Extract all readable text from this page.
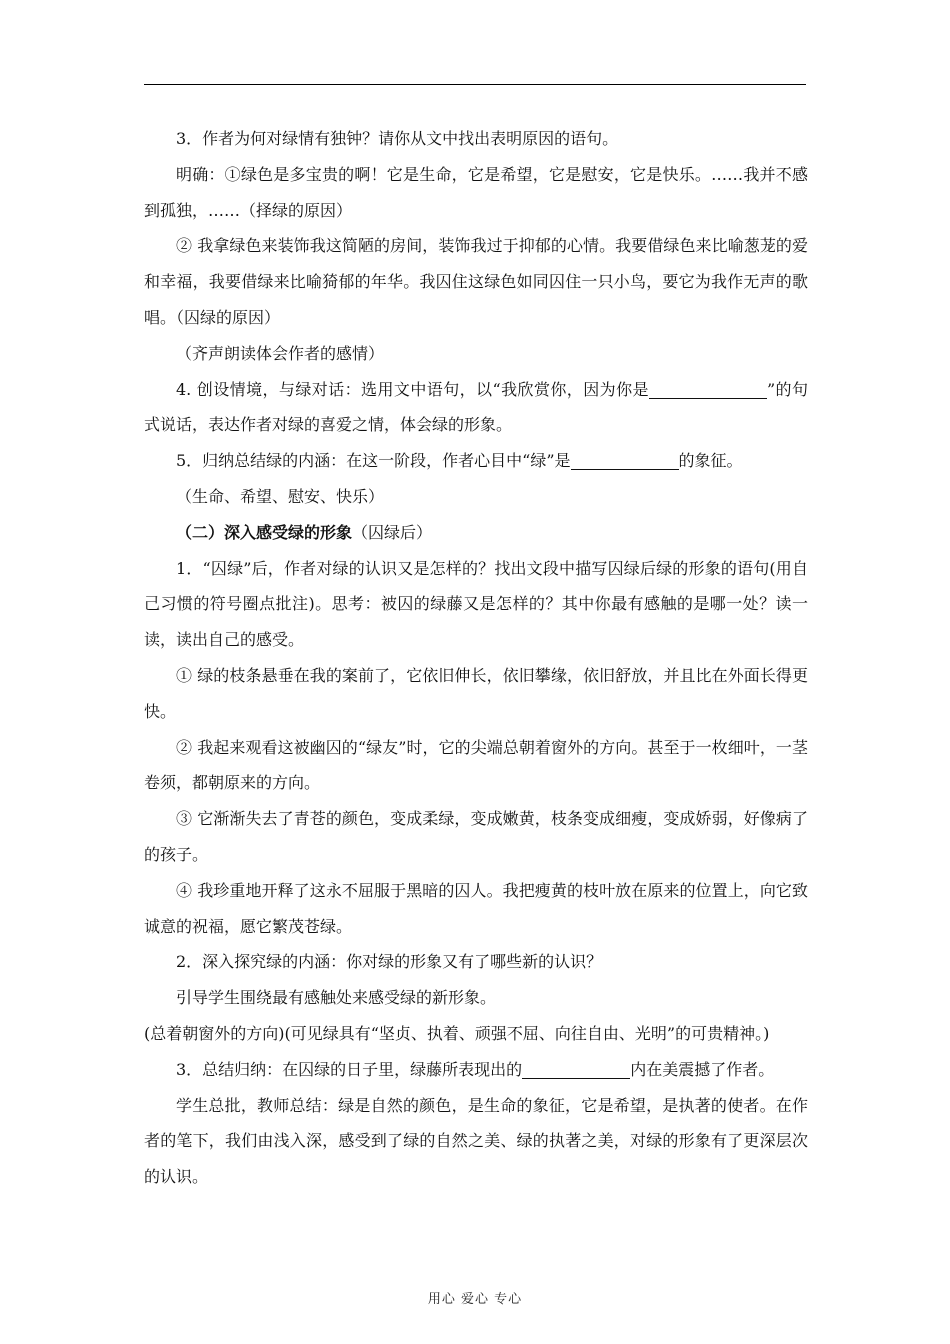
3．作者为何对绿情有独钟？请你从文中找出表明原因的语句。

明确：①绿色是多宝贵的啊！它是生命，它是希望，它是慰安，它是快乐。……我并不感到孤独，……（择绿的原因）

② 我拿绿色来装饰我这简陋的房间，装饰我过于抑郁的心情。我要借绿色来比喻葱茏的爱和幸福，我要借绿来比喻猗郁的年华。我囚住这绿色如同囚住一只小鸟，要它为我作无声的歌唱。（囚绿的原因）

（齐声朗读体会作者的感情）

4. 创设情境，与绿对话：选用文中语句，以“我欣赏你，因为你是	”的句式说话，表达作者对绿的喜爱之情，体会绿的形象。

5．归纳总结绿的内涵：在这一阶段，作者心目中“绿”是	的象征。

（生命、希望、慰安、快乐）

（二）深入感受绿的形象（囚绿后）

1．“囚绿”后，作者对绿的认识又是怎样的？找出文段中描写囚绿后绿的形象的语句(用自己习惯的符号圈点批注)。思考：被囚的绿藤又是怎样的？其中你最有感触的是哪一处？读一读，读出自己的感受。

① 绿的枝条悬垂在我的案前了，它依旧伸长，依旧攀缘，依旧舒放，并且比在外面长得更快。

② 我起来观看这被幽囚的“绿友”时，它的尖端总朝着窗外的方向。甚至于一枚细叶，一茎卷须，都朝原来的方向。

③ 它渐渐失去了青苍的颜色，变成柔绿，变成嫩黄，枝条变成细瘦，变成娇弱，好像病了的孩子。

④ 我珍重地开释了这永不屈服于黑暗的囚人。我把瘦黄的枝叶放在原来的位置上，向它致诚意的祝福，愿它繁茂苍绿。

2．深入探究绿的内涵：你对绿的形象又有了哪些新的认识？

引导学生围绕最有感触处来感受绿的新形象。

(总着朝窗外的方向)(可见绿具有“坚贞、执着、顽强不屈、向往自由、光明”的可贵精神。)

3．总结归纳：在囚绿的日子里，绿藤所表现出的	内在美震撼了作者。

学生总批，教师总结：绿是自然的颜色，是生命的象征，它是希望，是执著的使者。在作者的笔下，我们由浅入深，感受到了绿的自然之美、绿的执著之美，对绿的形象有了更深层次的认识。

用心 爱心 专心
